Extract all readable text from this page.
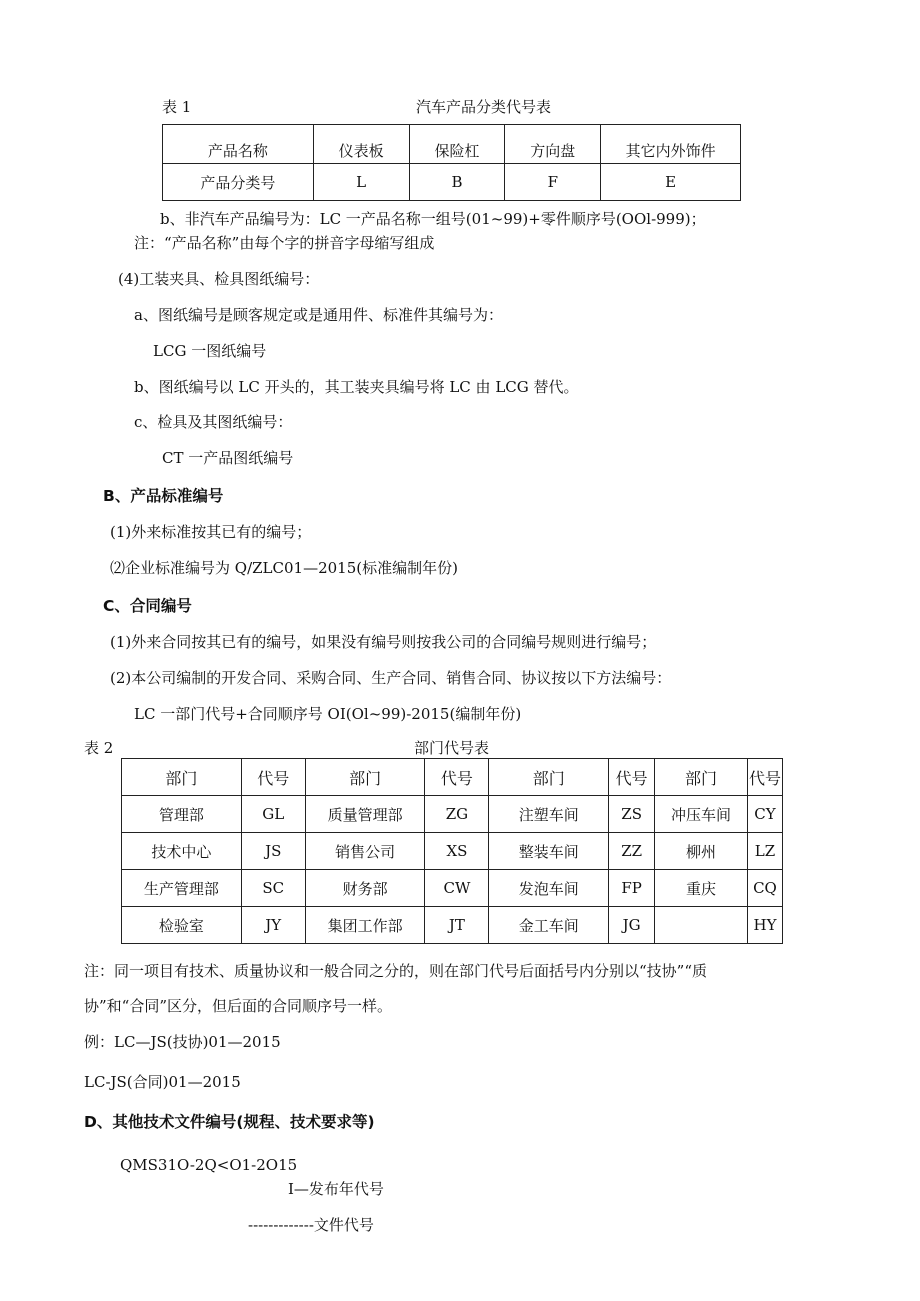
表 1	汽车产品分类代号表
产品名称	仪表板	保险杠	方向盘	其它内外饰件
产品分类号	L	B	F	E
b、非汽车产品编号为：LC 一产品名称一组号(01~99)+零件顺序号(OOl-999)；
注：“产品名称”由每个字的拼音字母缩写组成
(4)工装夹具、检具图纸编号：
a、图纸编号是顾客规定或是通用件、标准件其编号为：
LCG 一图纸编号
b、图纸编号以 LC 开头的，其工装夹具编号将 LC 由 LCG 替代。
c、检具及其图纸编号：
CT 一产品图纸编号
B、产品标准编号
(1)外来标准按其已有的编号；
⑵企业标准编号为 Q/ZLC01—2015(标准编制年份)
C、合同编号
(1)外来合同按其已有的编号，如果没有编号则按我公司的合同编号规则进行编号；
(2)本公司编制的开发合同、采购合同、生产合同、销售合同、协议按以下方法编号：
LC 一部门代号+合同顺序号 OI(Ol~99)-2015(编制年份)
表 2	部门代号表
部门	代号	部门	代号	部门	代号	部门	代号
管理部	GL	质量管理部	ZG	注塑车间	ZS	冲压车间	CY
技术中心	JS	销售公司	XS	整装车间	ZZ	柳州	LZ
生产管理部	SC	财务部	CW	发泡车间	FP	重庆	CQ
检验室	JY	集团工作部	JT	金工车间	JG		HY
注：同一项目有技术、质量协议和一般合同之分的，则在部门代号后面括号内分别以“技协”“质
协”和“合同”区分，但后面的合同顺序号一样。
例：LC—JS(技协)01—2015
LC-JS(合同)01—2015
D、其他技术文件编号(规程、技术要求等)
QMS31O-2Q<O1-2O15
I—发布年代号
-------------文件代号
